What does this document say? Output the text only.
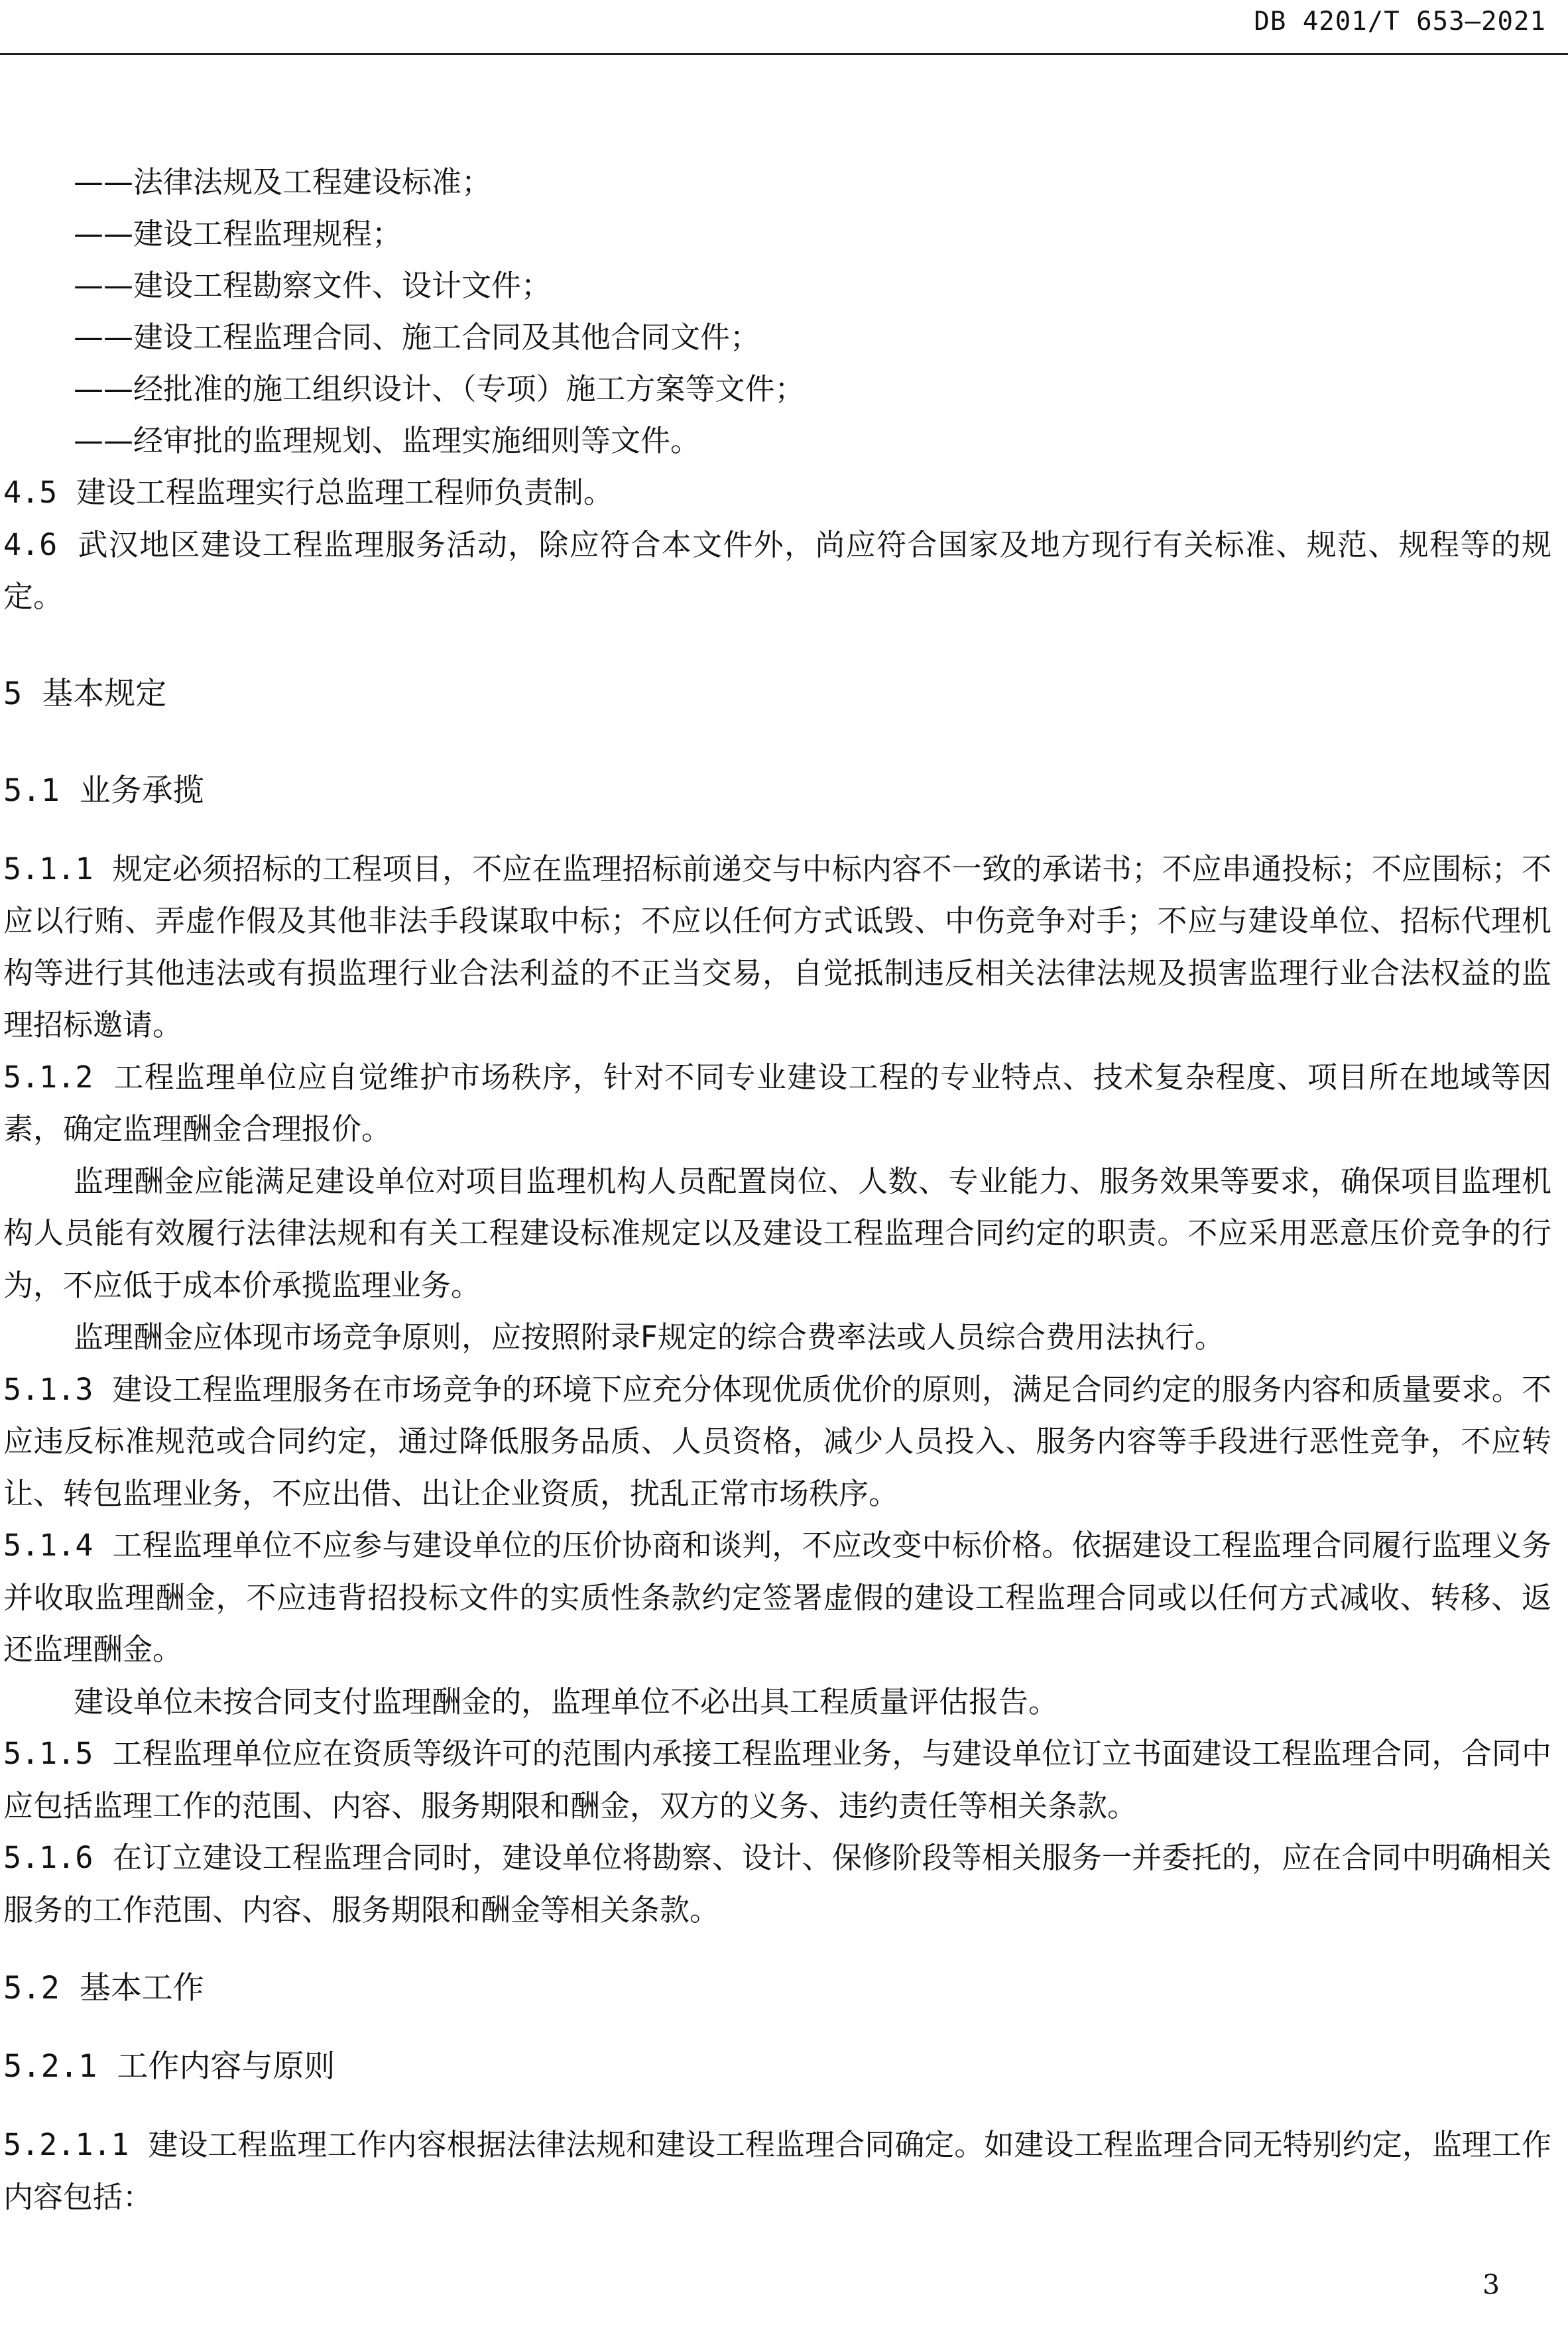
DB 4201/T 653—2021
——法律法规及工程建设标准；
——建设工程监理规程；
——建设工程勘察文件、设计文件；
——建设工程监理合同、施工合同及其他合同文件；
——经批准的施工组织设计、（专项）施工方案等文件；
——经审批的监理规划、监理实施细则等文件。

4.5 建设工程监理实行总监理工程师负责制。

4.6 武汉地区建设工程监理服务活动，除应符合本文件外，尚应符合国家及地方现行有关标准、规范、规程等的规定。

5 基本规定
5.1 业务承揽

5.1.1 规定必须招标的工程项目，不应在监理招标前递交与中标内容不一致的承诺书；不应串通投标；不应围标；不应以行贿、弄虚作假及其他非法手段谋取中标；不应以任何方式诋毁、中伤竞争对手；不应与建设单位、招标代理机构等进行其他违法或有损监理行业合法利益的不正当交易，自觉抵制违反相关法律法规及损害监理行业合法权益的监理招标邀请。

5.1.2 工程监理单位应自觉维护市场秩序，针对不同专业建设工程的专业特点、技术复杂程度、项目所在地域等因素，确定监理酬金合理报价。

监理酬金应能满足建设单位对项目监理机构人员配置岗位、人数、专业能力、服务效果等要求，确保项目监理机构人员能有效履行法律法规和有关工程建设标准规定以及建设工程监理合同约定的职责。不应采用恶意压价竞争的行为，不应低于成本价承揽监理业务。

监理酬金应体现市场竞争原则，应按照附录F规定的综合费率法或人员综合费用法执行。

5.1.3 建设工程监理服务在市场竞争的环境下应充分体现优质优价的原则，满足合同约定的服务内容和质量要求。不应违反标准规范或合同约定，通过降低服务品质、人员资格，减少人员投入、服务内容等手段进行恶性竞争，不应转让、转包监理业务，不应出借、出让企业资质，扰乱正常市场秩序。

5.1.4 工程监理单位不应参与建设单位的压价协商和谈判，不应改变中标价格。依据建设工程监理合同履行监理义务并收取监理酬金，不应违背招投标文件的实质性条款约定签署虚假的建设工程监理合同或以任何方式减收、转移、返还监理酬金。

建设单位未按合同支付监理酬金的，监理单位不必出具工程质量评估报告。

5.1.5 工程监理单位应在资质等级许可的范围内承接工程监理业务，与建设单位订立书面建设工程监理合同，合同中应包括监理工作的范围、内容、服务期限和酬金，双方的义务、违约责任等相关条款。

5.1.6 在订立建设工程监理合同时，建设单位将勘察、设计、保修阶段等相关服务一并委托的，应在合同中明确相关服务的工作范围、内容、服务期限和酬金等相关条款。

5.2 基本工作
5.2.1 工作内容与原则

5.2.1.1 建设工程监理工作内容根据法律法规和建设工程监理合同确定。如建设工程监理合同无特别约定，监理工作内容包括：

3
